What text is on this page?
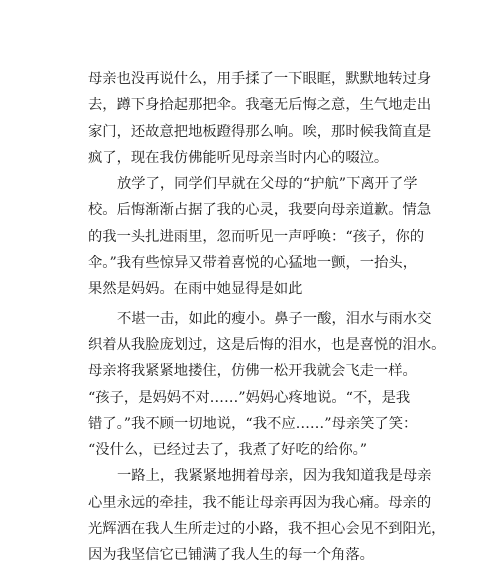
母亲也没再说什么，用手揉了一下眼眶，默默地转过身
去，蹲下身拾起那把伞。我毫无后悔之意，生气地走出
家门，还故意把地板蹬得那么响。唉，那时候我简直是
疯了，现在我仿佛能听见母亲当时内心的啜泣。
放学了，同学们早就在父母的“护航”下离开了学
校。后悔渐渐占据了我的心灵，我要向母亲道歉。情急
的我一头扎进雨里，忽而听见一声呼唤：“孩子，你的
伞。”我有些惊异又带着喜悦的心猛地一颤，一抬头，
果然是妈妈。在雨中她显得是如此
不堪一击，如此的瘦小。鼻子一酸，泪水与雨水交
织着从我脸庞划过，这是后悔的泪水，也是喜悦的泪水。
母亲将我紧紧地搂住，仿佛一松开我就会飞走一样。
“孩子，是妈妈不对……”妈妈心疼地说。“不，是我
错了。”我不顾一切地说，“我不应……”母亲笑了笑：
“没什么，已经过去了，我煮了好吃的给你。”
一路上，我紧紧地拥着母亲，因为我知道我是母亲
心里永远的牵挂，我不能让母亲再因为我心痛。母亲的
光辉洒在我人生所走过的小路，我不担心会见不到阳光，
因为我坚信它已铺满了我人生的每一个角落。
